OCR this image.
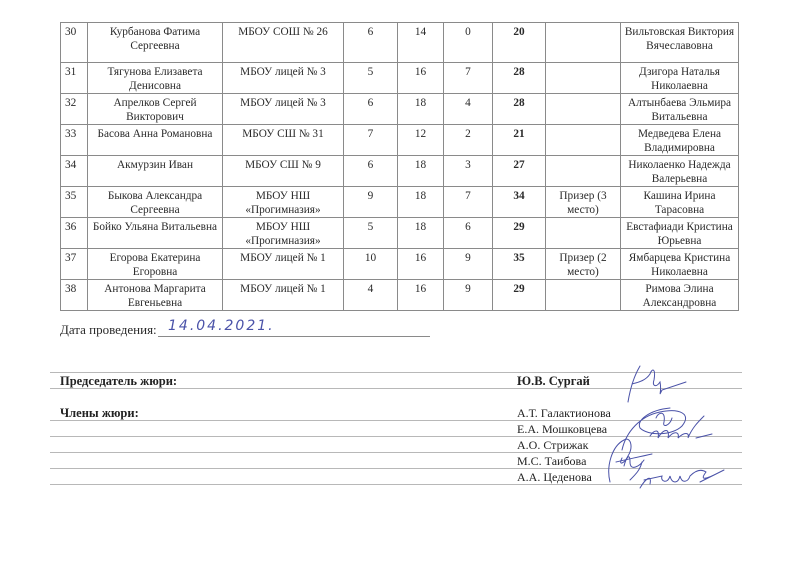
30	Курбанова Фатима Сергеевна	МБОУ СОШ № 26	6	14	0	20		Вильтовская Виктория Вячеславовна
31	Тягунова Елизавета Денисовна	МБОУ лицей № 3	5	16	7	28		Дзигора Наталья Николаевна
32	Апрелков Сергей Викторович	МБОУ лицей № 3	6	18	4	28		Алтынбаева Эльмира Витальевна
33	Басова Анна Романовна	МБОУ СШ № 31	7	12	2	21		Медведева Елена Владимировна
34	Акмурзин Иван	МБОУ СШ № 9	6	18	3	27		Николаенко Надежда Валерьевна
35	Быкова Александра Сергеевна	МБОУ НШ «Прогимназия»	9	18	7	34	Призер (3 место)	Кашина Ирина Тарасовна
36	Бойко Ульяна Витальевна	МБОУ НШ «Прогимназия»	5	18	6	29		Евстафиади Кристина Юрьевна
37	Егорова Екатерина Егоровна	МБОУ лицей № 1	10	16	9	35	Призер (2 место)	Ямбарцева Кристина Николаевна
38	Антонова Маргарита Евгеньевна	МБОУ лицей № 1	4	16	9	29		Римова Элина Александровна
Дата проведения: 14.04.2021.
Председатель жюри:	Ю.В. Сургай
Члены жюри:	А.Т. Галактионова
Е.А. Мошковцева
А.О. Стрижак
М.С. Таибова
А.А. Цеденова
